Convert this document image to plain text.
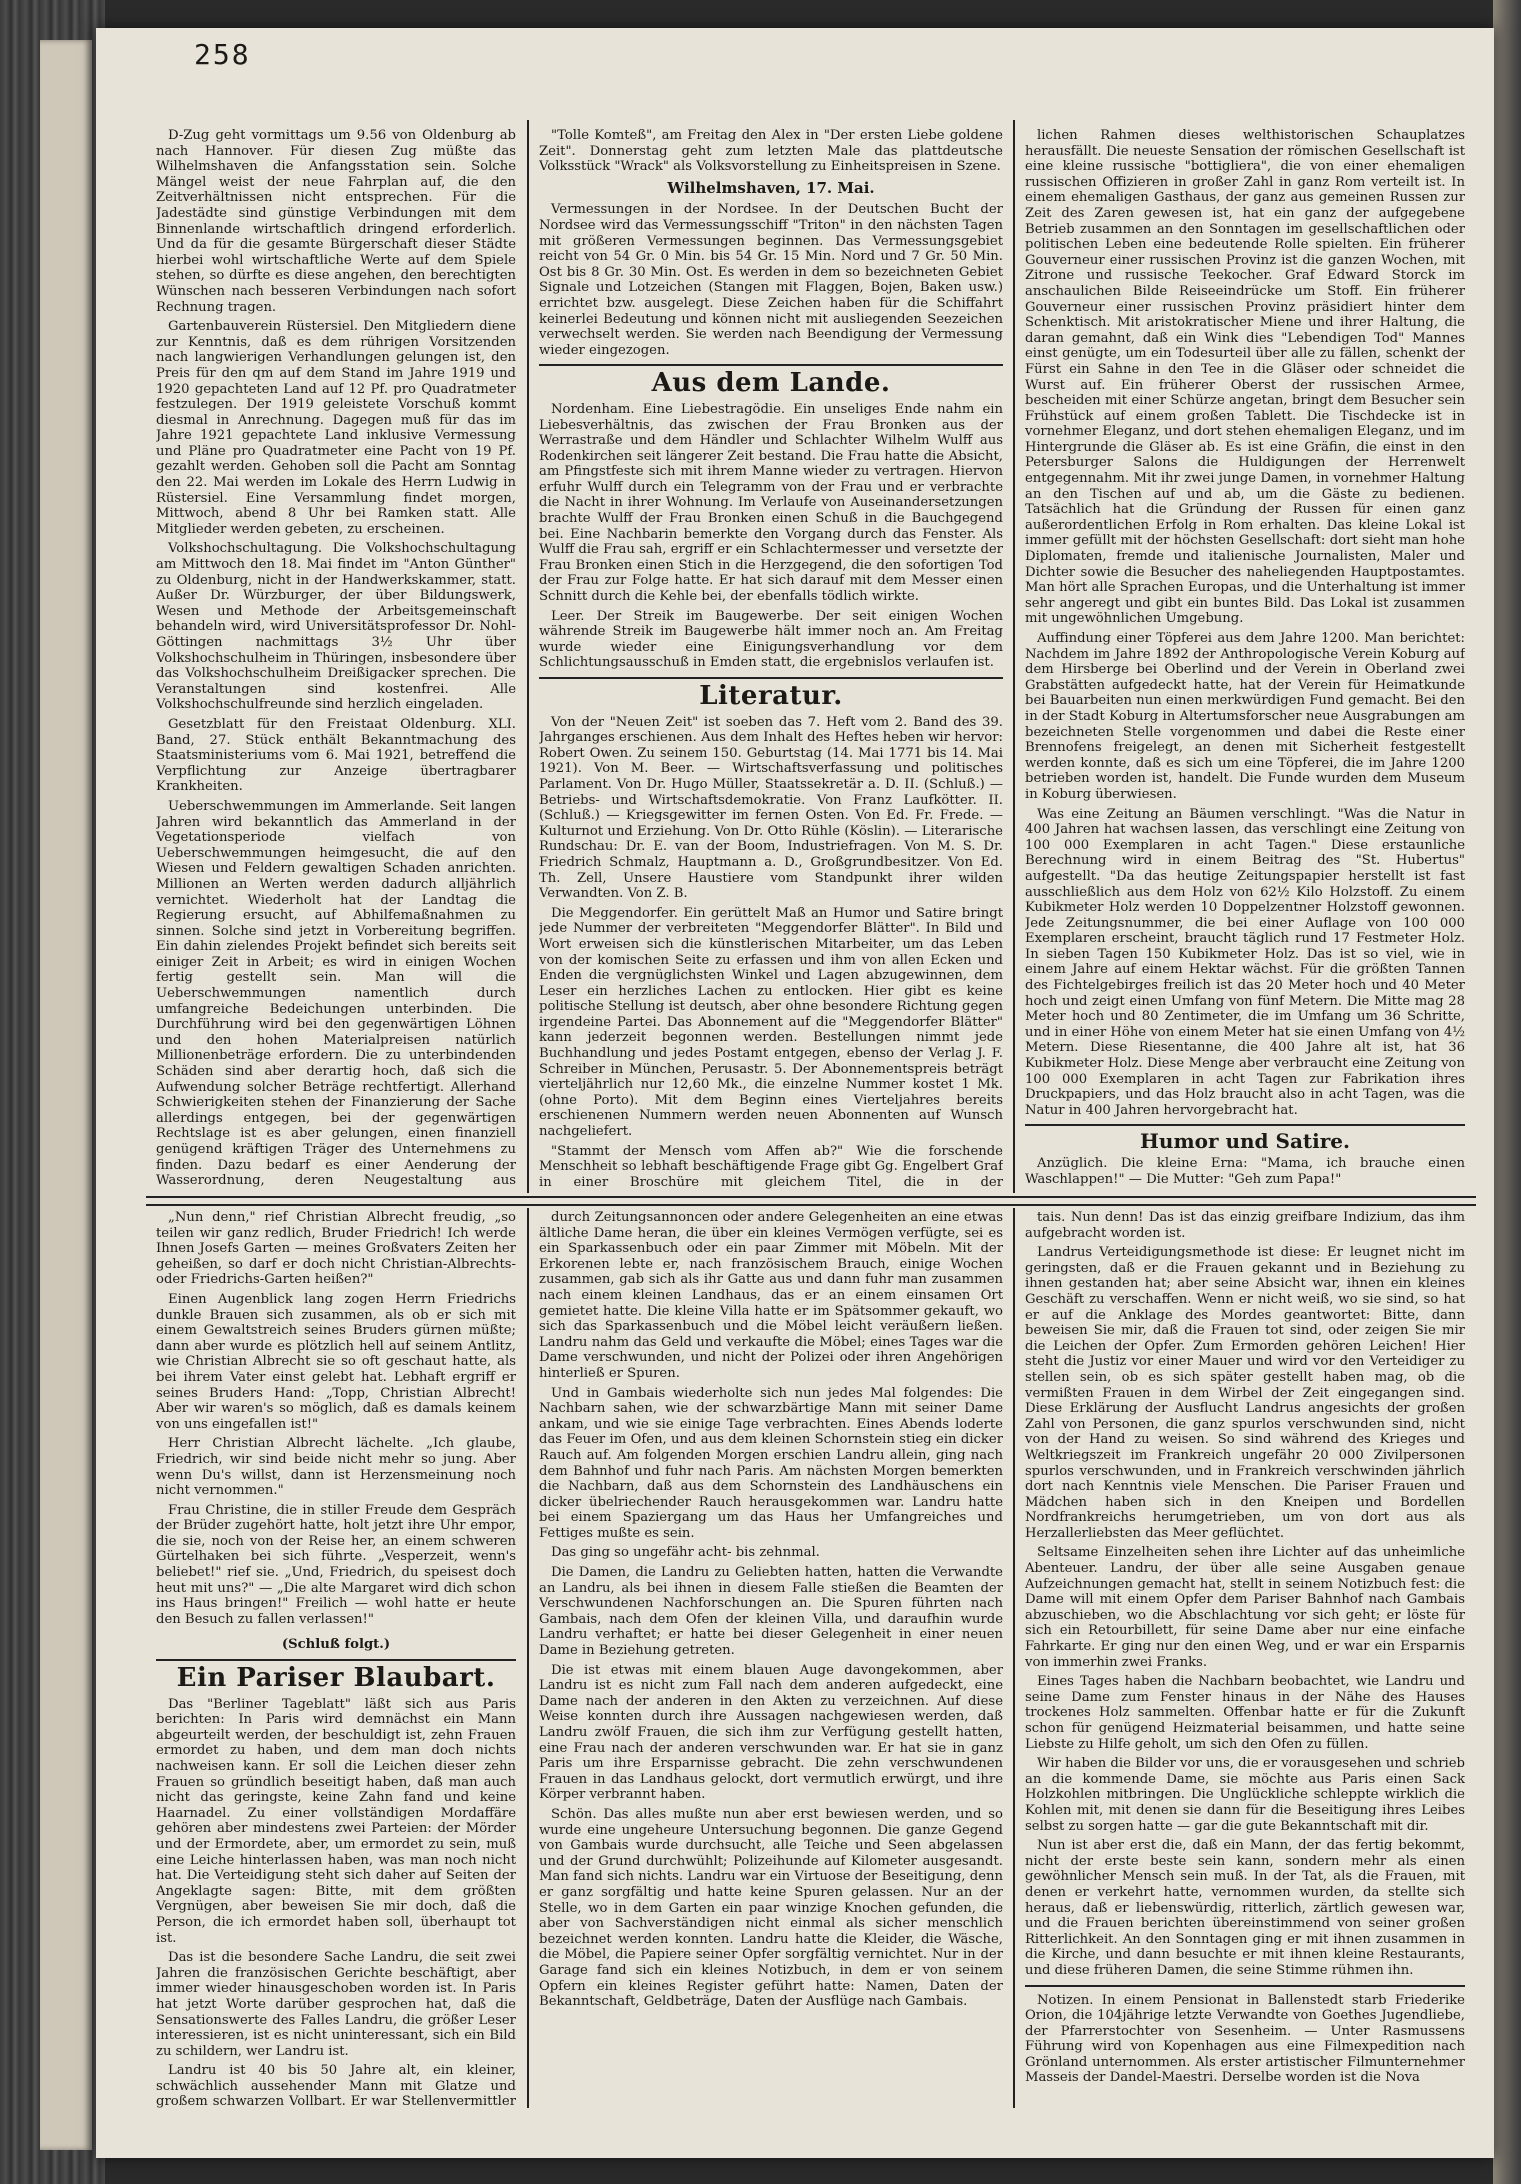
258

D-Zug geht vormittags um 9.56 von Oldenburg ab nach Hannover. Für diesen Zug müßte das Wilhelmshaven die Anfangsstation sein. Solche Mängel weist der neue Fahrplan auf, die den Zeitverhältnissen nicht entsprechen. Für die Jadestädte sind günstige Verbindungen mit dem Binnenlande wirtschaftlich dringend erforderlich. Und da für die gesamte Bürgerschaft dieser Städte hierbei wohl wirtschaftliche Werte auf dem Spiele stehen, so dürfte es diese angehen, den berechtigten Wünschen nach besseren Verbindungen nach sofort Rechnung tragen.

Gartenbauverein Rüstersiel. Den Mitgliedern diene zur Kenntnis, daß es dem rührigen Vorsitzenden nach langwierigen Verhandlungen gelungen ist, den Preis für den qm auf dem Stand im Jahre 1919 und 1920 gepachteten Land auf 12 Pf. pro Quadratmeter festzulegen. Der 1919 geleistete Vorschuß kommt diesmal in Anrechnung. Dagegen muß für das im Jahre 1921 gepachtete Land inklusive Vermessung und Pläne pro Quadratmeter eine Pacht von 19 Pf. gezahlt werden. Gehoben soll die Pacht am Sonntag den 22. Mai werden im Lokale des Herrn Ludwig in Rüstersiel. Eine Versammlung findet morgen, Mittwoch, abend 8 Uhr bei Ramken statt. Alle Mitglieder werden gebeten, zu erscheinen.

Volkshochschultagung. Die Volkshochschultagung am Mittwoch den 18. Mai findet im "Anton Günther" zu Oldenburg, nicht in der Handwerkskammer, statt. Außer Dr. Würzburger, der über Bildungswerk, Wesen und Methode der Arbeitsgemeinschaft behandeln wird, wird Universitätsprofessor Dr. Nohl-Göttingen nachmittags 3½ Uhr über Volkshochschulheim in Thüringen, insbesondere über das Volkshochschulheim Dreißigacker sprechen. Die Veranstaltungen sind kostenfrei. Alle Volkshochschulfreunde sind herzlich eingeladen.

Gesetzblatt für den Freistaat Oldenburg. XLI. Band, 27. Stück enthält Bekanntmachung des Staatsministeriums vom 6. Mai 1921, betreffend die Verpflichtung zur Anzeige übertragbarer Krankheiten.

Ueberschwemmungen im Ammerlande. Seit langen Jahren wird bekanntlich das Ammerland in der Vegetationsperiode vielfach von Ueberschwemmungen heimgesucht, die auf den Wiesen und Feldern gewaltigen Schaden anrichten. Millionen an Werten werden dadurch alljährlich vernichtet. Wiederholt hat der Landtag die Regierung ersucht, auf Abhilfemaßnahmen zu sinnen. Solche sind jetzt in Vorbereitung begriffen. Ein dahin zielendes Projekt befindet sich bereits seit einiger Zeit in Arbeit; es wird in einigen Wochen fertig gestellt sein. Man will die Ueberschwemmungen namentlich durch umfangreiche Bedeichungen unterbinden. Die Durchführung wird bei den gegenwärtigen Löhnen und den hohen Materialpreisen natürlich Millionenbeträge erfordern. Die zu unterbindenden Schäden sind aber derartig hoch, daß sich die Aufwendung solcher Beträge rechtfertigt. Allerhand Schwierigkeiten stehen der Finanzierung der Sache allerdings entgegen, bei der gegenwärtigen Rechtslage ist es aber gelungen, einen finanziell genügend kräftigen Träger des Unternehmens zu finden. Dazu bedarf es einer Aenderung der Wasserordnung, deren Neugestaltung aus

"Tolle Komteß", am Freitag den Alex in "Der ersten Liebe goldene Zeit". Donnerstag geht zum letzten Male das plattdeutsche Volksstück "Wrack" als Volksvorstellung zu Einheitspreisen in Szene.

Wilhelmshaven, 17. Mai.

Vermessungen in der Nordsee. In der Deutschen Bucht der Nordsee wird das Vermessungsschiff "Triton" in den nächsten Tagen mit größeren Vermessungen beginnen. Das Vermessungsgebiet reicht von 54 Gr. 0 Min. bis 54 Gr. 15 Min. Nord und 7 Gr. 50 Min. Ost bis 8 Gr. 30 Min. Ost. Es werden in dem so bezeichneten Gebiet Signale und Lotzeichen (Stangen mit Flaggen, Bojen, Baken usw.) errichtet bzw. ausgelegt. Diese Zeichen haben für die Schiffahrt keinerlei Bedeutung und können nicht mit ausliegenden Seezeichen verwechselt werden. Sie werden nach Beendigung der Vermessung wieder eingezogen.

Aus dem Lande.

Nordenham. Eine Liebestragödie. Ein unseliges Ende nahm ein Liebesverhältnis, das zwischen der Frau Bronken aus der Werrastraße und dem Händler und Schlachter Wilhelm Wulff aus Rodenkirchen seit längerer Zeit bestand. Die Frau hatte die Absicht, am Pfingstfeste sich mit ihrem Manne wieder zu vertragen. Hiervon erfuhr Wulff durch ein Telegramm von der Frau und er verbrachte die Nacht in ihrer Wohnung. Im Verlaufe von Auseinandersetzungen brachte Wulff der Frau Bronken einen Schuß in die Bauchgegend bei. Eine Nachbarin bemerkte den Vorgang durch das Fenster. Als Wulff die Frau sah, ergriff er ein Schlachtermesser und versetzte der Frau Bronken einen Stich in die Herzgegend, die den sofortigen Tod der Frau zur Folge hatte. Er hat sich darauf mit dem Messer einen Schnitt durch die Kehle bei, der ebenfalls tödlich wirkte.

Leer. Der Streik im Baugewerbe. Der seit einigen Wochen währende Streik im Baugewerbe hält immer noch an. Am Freitag wurde wieder eine Einigungsverhandlung vor dem Schlichtungsausschuß in Emden statt, die ergebnislos verlaufen ist.

Literatur.

Von der "Neuen Zeit" ist soeben das 7. Heft vom 2. Band des 39. Jahrganges erschienen. Aus dem Inhalt des Heftes heben wir hervor: Robert Owen. Zu seinem 150. Geburtstag (14. Mai 1771 bis 14. Mai 1921). Von M. Beer. — Wirtschaftsverfassung und politisches Parlament. Von Dr. Hugo Müller, Staatssekretär a. D. II. (Schluß.) — Betriebs- und Wirtschaftsdemokratie. Von Franz Laufkötter. II. (Schluß.) — Kriegsgewitter im fernen Osten. Von Ed. Fr. Frede. — Kulturnot und Erziehung. Von Dr. Otto Rühle (Köslin). — Literarische Rundschau: Dr. E. van der Boom, Industriefragen. Von M. S. Dr. Friedrich Schmalz, Hauptmann a. D., Großgrundbesitzer. Von Ed. Th. Zell, Unsere Haustiere vom Standpunkt ihrer wilden Verwandten. Von Z. B.

Die Meggendorfer. Ein gerüttelt Maß an Humor und Satire bringt jede Nummer der verbreiteten "Meggendorfer Blätter". In Bild und Wort erweisen sich die künstlerischen Mitarbeiter, um das Leben von der komischen Seite zu erfassen und ihm von allen Ecken und Enden die vergnüglichsten Winkel und Lagen abzugewinnen, dem Leser ein herzliches Lachen zu entlocken. Hier gibt es keine politische Stellung ist deutsch, aber ohne besondere Richtung gegen irgendeine Partei. Das Abonnement auf die "Meggendorfer Blätter" kann jederzeit begonnen werden. Bestellungen nimmt jede Buchhandlung und jedes Postamt entgegen, ebenso der Verlag J. F. Schreiber in München, Perusastr. 5. Der Abonnementspreis beträgt vierteljährlich nur 12,60 Mk., die einzelne Nummer kostet 1 Mk. (ohne Porto). Mit dem Beginn eines Vierteljahres bereits erschienenen Nummern werden neuen Abonnenten auf Wunsch nachgeliefert.

"Stammt der Mensch vom Affen ab?" Wie die forschende Menschheit so lebhaft beschäftigende Frage gibt Gg. Engelbert Graf in einer Broschüre mit gleichem Titel, die in der

lichen Rahmen dieses welthistorischen Schauplatzes herausfällt. Die neueste Sensation der römischen Gesellschaft ist eine kleine russische "bottigliera", die von einer ehemaligen russischen Offizieren in großer Zahl in ganz Rom verteilt ist. In einem ehemaligen Gasthaus, der ganz aus gemeinen Russen zur Zeit des Zaren gewesen ist, hat ein ganz der aufgegebene Betrieb zusammen an den Sonntagen im gesellschaftlichen oder politischen Leben eine bedeutende Rolle spielten. Ein früherer Gouverneur einer russischen Provinz ist die ganzen Wochen, mit Zitrone und russische Teekocher. Graf Edward Storck im anschaulichen Bilde Reiseeindrücke um Stoff. Ein früherer Gouverneur einer russischen Provinz präsidiert hinter dem Schenktisch. Mit aristokratischer Miene und ihrer Haltung, die daran gemahnt, daß ein Wink dies "Lebendigen Tod" Mannes einst genügte, um ein Todesurteil über alle zu fällen, schenkt der Fürst ein Sahne in den Tee in die Gläser oder schneidet die Wurst auf. Ein früherer Oberst der russischen Armee, bescheiden mit einer Schürze angetan, bringt dem Besucher sein Frühstück auf einem großen Tablett. Die Tischdecke ist in vornehmer Eleganz, und dort stehen ehemaligen Eleganz, und im Hintergrunde die Gläser ab. Es ist eine Gräfin, die einst in den Petersburger Salons die Huldigungen der Herrenwelt entgegennahm. Mit ihr zwei junge Damen, in vornehmer Haltung an den Tischen auf und ab, um die Gäste zu bedienen. Tatsächlich hat die Gründung der Russen für einen ganz außerordentlichen Erfolg in Rom erhalten. Das kleine Lokal ist immer gefüllt mit der höchsten Gesellschaft: dort sieht man hohe Diplomaten, fremde und italienische Journalisten, Maler und Dichter sowie die Besucher des naheliegenden Hauptpostamtes. Man hört alle Sprachen Europas, und die Unterhaltung ist immer sehr angeregt und gibt ein buntes Bild. Das Lokal ist zusammen mit ungewöhnlichen Umgebung.

Auffindung einer Töpferei aus dem Jahre 1200. Man berichtet: Nachdem im Jahre 1892 der Anthropologische Verein Koburg auf dem Hirsberge bei Oberlind und der Verein in Oberland zwei Grabstätten aufgedeckt hatte, hat der Verein für Heimatkunde bei Bauarbeiten nun einen merkwürdigen Fund gemacht. Bei den in der Stadt Koburg in Altertumsforscher neue Ausgrabungen am bezeichneten Stelle vorgenommen und dabei die Reste einer Brennofens freigelegt, an denen mit Sicherheit festgestellt werden konnte, daß es sich um eine Töpferei, die im Jahre 1200 betrieben worden ist, handelt. Die Funde wurden dem Museum in Koburg überwiesen.

Was eine Zeitung an Bäumen verschlingt. "Was die Natur in 400 Jahren hat wachsen lassen, das verschlingt eine Zeitung von 100 000 Exemplaren in acht Tagen." Diese erstaunliche Berechnung wird in einem Beitrag des "St. Hubertus" aufgestellt. "Da das heutige Zeitungspapier herstellt ist fast ausschließlich aus dem Holz von 62½ Kilo Holzstoff. Zu einem Kubikmeter Holz werden 10 Doppelzentner Holzstoff gewonnen. Jede Zeitungsnummer, die bei einer Auflage von 100 000 Exemplaren erscheint, braucht täglich rund 17 Festmeter Holz. In sieben Tagen 150 Kubikmeter Holz. Das ist so viel, wie in einem Jahre auf einem Hektar wächst. Für die größten Tannen des Fichtelgebirges freilich ist das 20 Meter hoch und 40 Meter hoch und zeigt einen Umfang von fünf Metern. Die Mitte mag 28 Meter hoch und 80 Zentimeter, die im Umfang um 36 Schritte, und in einer Höhe von einem Meter hat sie einen Umfang von 4½ Metern. Diese Riesentanne, die 400 Jahre alt ist, hat 36 Kubikmeter Holz. Diese Menge aber verbraucht eine Zeitung von 100 000 Exemplaren in acht Tagen zur Fabrikation ihres Druckpapiers, und das Holz braucht also in acht Tagen, was die Natur in 400 Jahren hervorgebracht hat.

Humor und Satire.

Anzüglich. Die kleine Erna: "Mama, ich brauche einen Waschlappen!" — Die Mutter: "Geh zum Papa!"

„Nun denn," rief Christian Albrecht freudig, „so teilen wir ganz redlich, Bruder Friedrich! Ich werde Ihnen Josefs Garten — meines Großvaters Zeiten her geheißen, so darf er doch nicht Christian-Albrechts- oder Friedrichs-Garten heißen?"

Einen Augenblick lang zogen Herrn Friedrichs dunkle Brauen sich zusammen, als ob er sich mit einem Gewaltstreich seines Bruders gürnen müßte; dann aber wurde es plötzlich hell auf seinem Antlitz, wie Christian Albrecht sie so oft geschaut hatte, als bei ihrem Vater einst gelebt hat. Lebhaft ergriff er seines Bruders Hand: „Topp, Christian Albrecht! Aber wir waren's so möglich, daß es damals keinem von uns eingefallen ist!"

Herr Christian Albrecht lächelte. „Ich glaube, Friedrich, wir sind beide nicht mehr so jung. Aber wenn Du's willst, dann ist Herzensmeinung noch nicht vernommen."

Frau Christine, die in stiller Freude dem Gespräch der Brüder zugehört hatte, holt jetzt ihre Uhr empor, die sie, noch von der Reise her, an einem schweren Gürtelhaken bei sich führte. „Vesperzeit, wenn's beliebet!" rief sie. „Und, Friedrich, du speisest doch heut mit uns?" — „Die alte Margaret wird dich schon ins Haus bringen!" Freilich — wohl hatte er heute den Besuch zu fallen verlassen!"

(Schluß folgt.)
Ein Pariser Blaubart.

Das "Berliner Tageblatt" läßt sich aus Paris berichten: In Paris wird demnächst ein Mann abgeurteilt werden, der beschuldigt ist, zehn Frauen ermordet zu haben, und dem man doch nichts nachweisen kann. Er soll die Leichen dieser zehn Frauen so gründlich beseitigt haben, daß man auch nicht das geringste, keine Zahn fand und keine Haarnadel. Zu einer vollständigen Mordaffäre gehören aber mindestens zwei Parteien: der Mörder und der Ermordete, aber, um ermordet zu sein, muß eine Leiche hinterlassen haben, was man noch nicht hat. Die Verteidigung steht sich daher auf Seiten der Angeklagte sagen: Bitte, mit dem größten Vergnügen, aber beweisen Sie mir doch, daß die Person, die ich ermordet haben soll, überhaupt tot ist.

Das ist die besondere Sache Landru, die seit zwei Jahren die französischen Gerichte beschäftigt, aber immer wieder hinausgeschoben worden ist. In Paris hat jetzt Worte darüber gesprochen hat, daß die Sensationswerte des Falles Landru, die größer Leser interessieren, ist es nicht uninteressant, sich ein Bild zu schildern, wer Landru ist.

Landru ist 40 bis 50 Jahre alt, ein kleiner, schwächlich aussehender Mann mit Glatze und großem schwarzen Vollbart. Er war Stellenvermittler

durch Zeitungsannoncen oder andere Gelegenheiten an eine etwas ältliche Dame heran, die über ein kleines Vermögen verfügte, sei es ein Sparkassenbuch oder ein paar Zimmer mit Möbeln. Mit der Erkorenen lebte er, nach französischem Brauch, einige Wochen zusammen, gab sich als ihr Gatte aus und dann fuhr man zusammen nach einem kleinen Landhaus, das er an einem einsamen Ort gemietet hatte. Die kleine Villa hatte er im Spätsommer gekauft, wo sich das Sparkassenbuch und die Möbel leicht veräußern ließen. Landru nahm das Geld und verkaufte die Möbel; eines Tages war die Dame verschwunden, und nicht der Polizei oder ihren Angehörigen hinterließ er Spuren.

Und in Gambais wiederholte sich nun jedes Mal folgendes: Die Nachbarn sahen, wie der schwarzbärtige Mann mit seiner Dame ankam, und wie sie einige Tage verbrachten. Eines Abends loderte das Feuer im Ofen, und aus dem kleinen Schornstein stieg ein dicker Rauch auf. Am folgenden Morgen erschien Landru allein, ging nach dem Bahnhof und fuhr nach Paris. Am nächsten Morgen bemerkten die Nachbarn, daß aus dem Schornstein des Landhäuschens ein dicker übelriechender Rauch herausgekommen war. Landru hatte bei einem Spaziergang um das Haus her Umfangreiches und Fettiges mußte es sein.

Das ging so ungefähr acht- bis zehnmal.

Die Damen, die Landru zu Geliebten hatten, hatten die Verwandte an Landru, als bei ihnen in diesem Falle stießen die Beamten der Verschwundenen Nachforschungen an. Die Spuren führten nach Gambais, nach dem Ofen der kleinen Villa, und daraufhin wurde Landru verhaftet; er hatte bei dieser Gelegenheit in einer neuen Dame in Beziehung getreten.

Die ist etwas mit einem blauen Auge davongekommen, aber Landru ist es nicht zum Fall nach dem anderen aufgedeckt, eine Dame nach der anderen in den Akten zu verzeichnen. Auf diese Weise konnten durch ihre Aussagen nachgewiesen werden, daß Landru zwölf Frauen, die sich ihm zur Verfügung gestellt hatten, eine Frau nach der anderen verschwunden war. Er hat sie in ganz Paris um ihre Ersparnisse gebracht. Die zehn verschwundenen Frauen in das Landhaus gelockt, dort vermutlich erwürgt, und ihre Körper verbrannt haben.

Schön. Das alles mußte nun aber erst bewiesen werden, und so wurde eine ungeheure Untersuchung begonnen. Die ganze Gegend von Gambais wurde durchsucht, alle Teiche und Seen abgelassen und der Grund durchwühlt; Polizeihunde auf Kilometer ausgesandt. Man fand sich nichts. Landru war ein Virtuose der Beseitigung, denn er ganz sorgfältig und hatte keine Spuren gelassen. Nur an der Stelle, wo in dem Garten ein paar winzige Knochen gefunden, die aber von Sachverständigen nicht einmal als sicher menschlich bezeichnet werden konnten. Landru hatte die Kleider, die Wäsche, die Möbel, die Papiere seiner Opfer sorgfältig vernichtet. Nur in der Garage fand sich ein kleines Notizbuch, in dem er von seinem Opfern ein kleines Register geführt hatte: Namen, Daten der Bekanntschaft, Geldbeträge, Daten der Ausflüge nach Gambais.

tais. Nun denn! Das ist das einzig greifbare Indizium, das ihm aufgebracht worden ist.

Landrus Verteidigungsmethode ist diese: Er leugnet nicht im geringsten, daß er die Frauen gekannt und in Beziehung zu ihnen gestanden hat; aber seine Absicht war, ihnen ein kleines Geschäft zu verschaffen. Wenn er nicht weiß, wo sie sind, so hat er auf die Anklage des Mordes geantwortet: Bitte, dann beweisen Sie mir, daß die Frauen tot sind, oder zeigen Sie mir die Leichen der Opfer. Zum Ermorden gehören Leichen! Hier steht die Justiz vor einer Mauer und wird vor den Verteidiger zu stellen sein, ob es sich später gestellt haben mag, ob die vermißten Frauen in dem Wirbel der Zeit eingegangen sind. Diese Erklärung der Ausflucht Landrus angesichts der großen Zahl von Personen, die ganz spurlos verschwunden sind, nicht von der Hand zu weisen. So sind während des Krieges und Weltkriegszeit im Frankreich ungefähr 20 000 Zivilpersonen spurlos verschwunden, und in Frankreich verschwinden jährlich dort nach Kenntnis viele Menschen. Die Pariser Frauen und Mädchen haben sich in den Kneipen und Bordellen Nordfrankreichs herumgetrieben, um von dort aus als Herzallerliebsten das Meer geflüchtet.

Seltsame Einzelheiten sehen ihre Lichter auf das unheimliche Abenteuer. Landru, der über alle seine Ausgaben genaue Aufzeichnungen gemacht hat, stellt in seinem Notizbuch fest: die Dame will mit einem Opfer dem Pariser Bahnhof nach Gambais abzuschieben, wo die Abschlachtung vor sich geht; er löste für sich ein Retourbillett, für seine Dame aber nur eine einfache Fahrkarte. Er ging nur den einen Weg, und er war ein Ersparnis von immerhin zwei Franks.

Eines Tages haben die Nachbarn beobachtet, wie Landru und seine Dame zum Fenster hinaus in der Nähe des Hauses trockenes Holz sammelten. Offenbar hatte er für die Zukunft schon für genügend Heizmaterial beisammen, und hatte seine Liebste zu Hilfe geholt, um sich den Ofen zu füllen.

Wir haben die Bilder vor uns, die er vorausgesehen und schrieb an die kommende Dame, sie möchte aus Paris einen Sack Holzkohlen mitbringen. Die Unglückliche schleppte wirklich die Kohlen mit, mit denen sie dann für die Beseitigung ihres Leibes selbst zu sorgen hatte — gar die gute Bekanntschaft mit dir.

Nun ist aber erst die, daß ein Mann, der das fertig bekommt, nicht der erste beste sein kann, sondern mehr als einen gewöhnlicher Mensch sein muß. In der Tat, als die Frauen, mit denen er verkehrt hatte, vernommen wurden, da stellte sich heraus, daß er liebenswürdig, ritterlich, zärtlich gewesen war, und die Frauen berichten übereinstimmend von seiner großen Ritterlichkeit. An den Sonntagen ging er mit ihnen zusammen in die Kirche, und dann besuchte er mit ihnen kleine Restaurants, und diese früheren Damen, die seine Stimme rühmen ihn.

Notizen. In einem Pensionat in Ballenstedt starb Friederike Orion, die 104jährige letzte Verwandte von Goethes Jugendliebe, der Pfarrerstochter von Sesenheim. — Unter Rasmussens Führung wird von Kopenhagen aus eine Filmexpedition nach Grönland unternommen. Als erster artistischer Filmunternehmer Masseis der Dandel-Maestri. Derselbe worden ist die Nova
